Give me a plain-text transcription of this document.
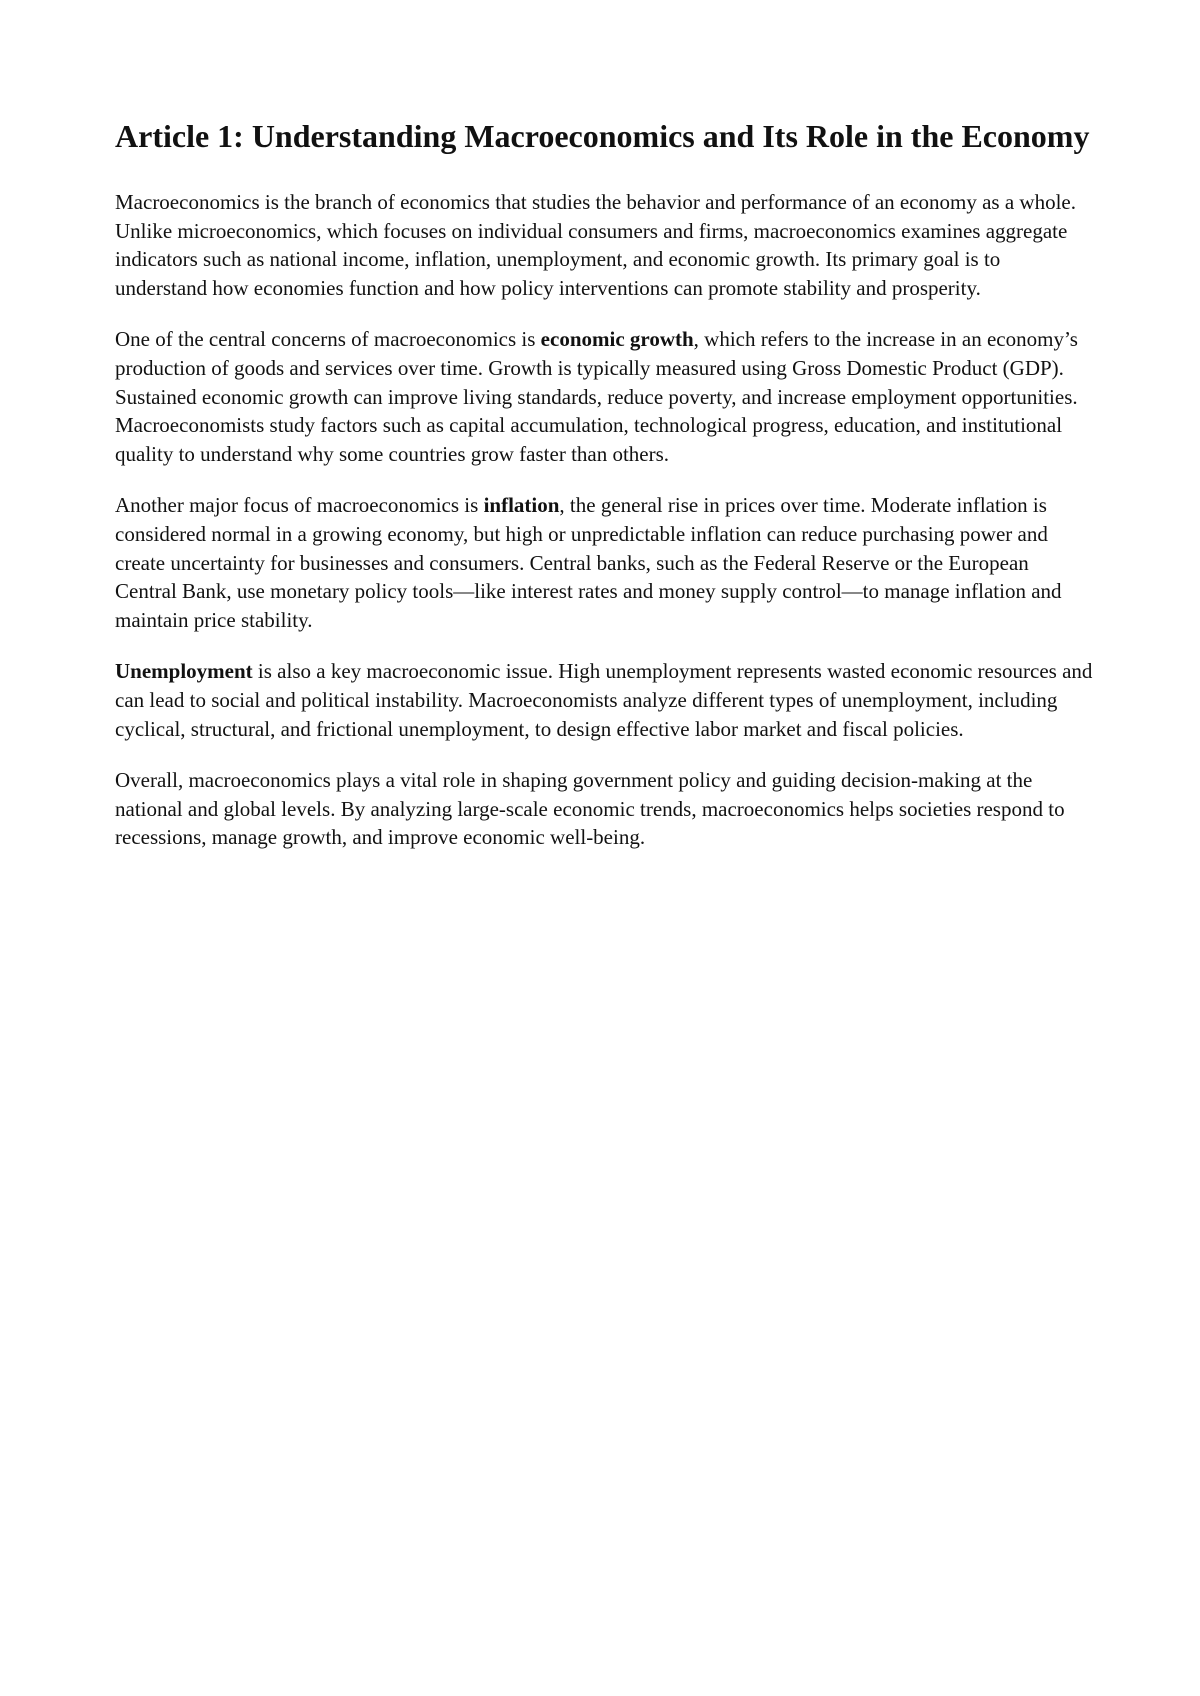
Article 1: Understanding Macroeconomics and Its Role in the Economy

Macroeconomics is the branch of economics that studies the behavior and performance of an economy as a whole. Unlike microeconomics, which focuses on individual consumers and firms, macroeconomics examines aggregate indicators such as national income, inflation, unemployment, and economic growth. Its primary goal is to understand how economies function and how policy interventions can promote stability and prosperity.

One of the central concerns of macroeconomics is economic growth, which refers to the increase in an economy’s production of goods and services over time. Growth is typically measured using Gross Domestic Product (GDP). Sustained economic growth can improve living standards, reduce poverty, and increase employment opportunities. Macroeconomists study factors such as capital accumulation, technological progress, education, and institutional quality to understand why some countries grow faster than others.

Another major focus of macroeconomics is inflation, the general rise in prices over time. Moderate inflation is considered normal in a growing economy, but high or unpredictable inflation can reduce purchasing power and create uncertainty for businesses and consumers. Central banks, such as the Federal Reserve or the European Central Bank, use monetary policy tools—like interest rates and money supply control—to manage inflation and maintain price stability.

Unemployment is also a key macroeconomic issue. High unemployment represents wasted economic resources and can lead to social and political instability. Macroeconomists analyze different types of unemployment, including cyclical, structural, and frictional unemployment, to design effective labor market and fiscal policies.

Overall, macroeconomics plays a vital role in shaping government policy and guiding decision-making at the national and global levels. By analyzing large-scale economic trends, macroeconomics helps societies respond to recessions, manage growth, and improve economic well-being.
